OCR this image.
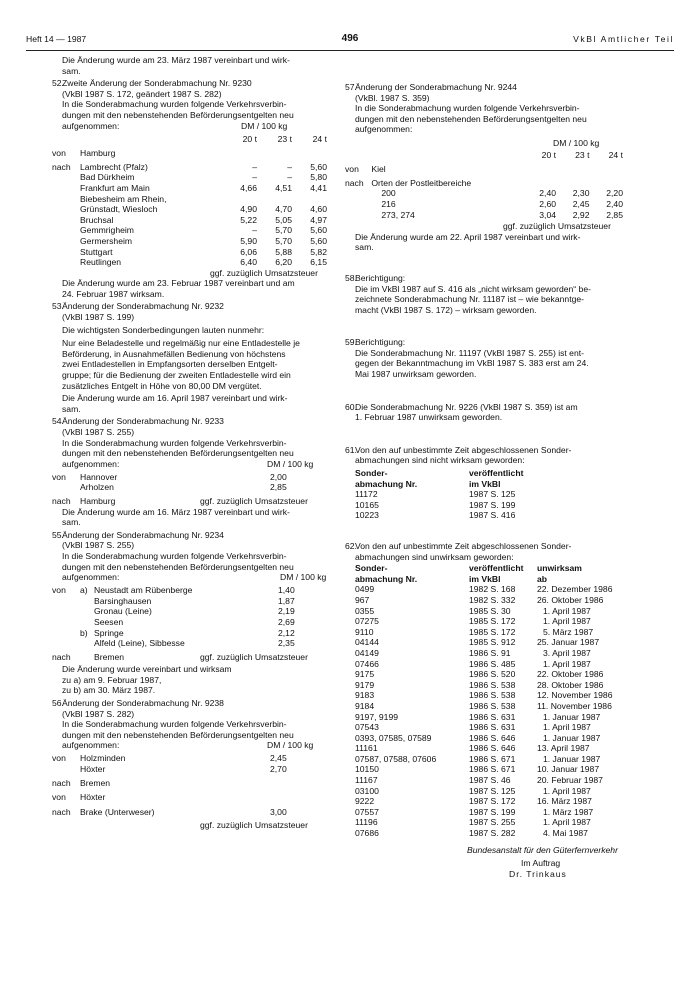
Heft 14 — 1987	496	VkBl Amtlicher Teil

Die Änderung wurde am 23. März 1987 vereinbart und wirk-

sam.

52.

Zweite Änderung der Sonderabmachung Nr. 9230

(VkBl 1987 S. 172, geändert 1987 S. 282)

In die Sonderabmachung wurden folgende Verkehrsverbin-

dungen mit den nebenstehenden Beförderungsentgelten neu

aufgenommen:	DM / 100 kg
		20 t	23 t	24 t

von	Hamburg			

nach	Lambrecht (Pfalz)	–	–	5,60
	Bad Dürkheim	–	–	5,80
	Frankfurt am Main	4,66	4,51	4,41
	Biebesheim am Rhein,			
	Grünstadt, Wiesloch	4,90	4,70	4,60
	Bruchsal	5,22	5,05	4,97
	Gemmrigheim	–	5,70	5,60
	Germersheim	5,90	5,70	5,60
	Stuttgart	6,06	5,88	5,82
	Reutlingen	6,40	6,20	6,15

ggf. zuzüglich Umsatzsteuer

Die Änderung wurde am 23. Februar 1987 vereinbart und am

24. Februar 1987 wirksam.

53.

Änderung der Sonderabmachung Nr. 9232

(VkBl 1987 S. 199)

Die wichtigsten Sonderbedingungen lauten nunmehr:

Nur eine Beladestelle und regelmäßig nur eine Entladestelle je

Beförderung, in Ausnahmefällen Bedienung von höchstens

zwei Entladestellen in Empfangsorten derselben Entgelt-

gruppe; für die Bedienung der zweiten Entladestelle wird ein

zusätzliches Entgelt in Höhe von 80,00 DM vergütet.

Die Änderung wurde am 16. April 1987 vereinbart und wirk-

sam.

54.

Änderung der Sonderabmachung Nr. 9233

(VkBl 1987 S. 255)

In die Sonderabmachung wurden folgende Verkehrsverbin-

dungen mit den nebenstehenden Beförderungsentgelten neu

aufgenommen:	DM / 100 kg
von	Hannover	2,00
	Arholzen	2,85

nach	Hamburg ggf. zuzüglich Umsatzsteuer	

Die Änderung wurde am 16. März 1987 vereinbart und wirk-

sam.

55.

Änderung der Sonderabmachung Nr. 9234

(VkBl 1987 S. 255)

In die Sonderabmachung wurden folgende Verkehrsverbin-

dungen mit den nebenstehenden Beförderungsentgelten neu

aufgenommen:	DM / 100 kg
von	a)	Neustadt am Rübenberge	1,40
		Barsinghausen	1,87
		Gronau (Leine)	2,19
		Seesen	2,69
	b)	Springe	2,12
		Alfeld (Leine), Sibbesse	2,35

nach		Bremen ggf. zuzüglich Umsatzsteuer	

Die Änderung wurde vereinbart und wirksam

zu a) am 9. Februar 1987,

zu b) am 30. März 1987.

56.

Änderung der Sonderabmachung Nr. 9238

(VkBl 1987 S. 282)

In die Sonderabmachung wurden folgende Verkehrsverbin-

dungen mit den nebenstehenden Beförderungsentgelten neu

aufgenommen:	DM / 100 kg
von	Holzminden	2,45
	Höxter	2,70

nach	Bremen	

von	Höxter	

nach	Brake (Unterweser)	3,00

ggf. zuzüglich Umsatzsteuer

57.

Änderung der Sonderabmachung Nr. 9244

(VkBl. 1987 S. 359)

In die Sonderabmachung wurden folgende Verkehrsverbin-

dungen mit den nebenstehenden Beförderungsentgelten neu

aufgenommen:

DM / 100 kg

		20 t	23 t	24 t

von	Kiel			

nach	Orten der Postleitbereiche			
	200	2,40	2,30	2,20
	216	2,60	2,45	2,40
	273, 274	3,04	2,92	2,85

ggf. zuzüglich Umsatzsteuer

Die Änderung wurde am 22. April 1987 vereinbart und wirk-

sam.

58.

Berichtigung:

Die im VkBl 1987 auf S. 416 als „nicht wirksam geworden“ be-

zeichnete Sonderabmachung Nr. 11187 ist – wie bekanntge-

macht (VkBl 1987 S. 172) – wirksam geworden.

59.

Berichtigung:

Die Sonderabmachung Nr. 11197 (VkBl 1987 S. 255) ist ent-

gegen der Bekanntmachung im VkBl 1987 S. 383 erst am 24.

Mai 1987 unwirksam geworden.

60.

Die Sonderabmachung Nr. 9226 (VkBl 1987 S. 359) ist am

1. Februar 1987 unwirksam geworden.

61.

Von den auf unbestimmte Zeit abgeschlossenen Sonder-

abmachungen sind nicht wirksam geworden:

Sonder-
abmachung Nr.	veröffentlicht
im VkBl
11172	1987 S. 125
10165	1987 S. 199
10223	1987 S. 416
62.

Von den auf unbestimmte Zeit abgeschlossenen Sonder-

abmachungen sind unwirksam geworden:

Sonder-
abmachung Nr.	veröffentlicht
im VkBl	unwirksam
ab
0499	1982 S. 168	22. Dezember 1986
967	1982 S. 332	26. Oktober 1986
0355	1985 S. 30	1. April 1987
07275	1985 S. 172	1. April 1987
9110	1985 S. 172	5. März 1987
04144	1985 S. 912	25. Januar 1987
04149	1986 S. 91	3. April 1987
07466	1986 S. 485	1. April 1987
9175	1986 S. 520	22. Oktober 1986
9179	1986 S. 538	28. Oktober 1986
9183	1986 S. 538	12. November 1986
9184	1986 S. 538	11. November 1986
9197, 9199	1986 S. 631	1. Januar 1987
07543	1986 S. 631	1. April 1987
0393, 07585, 07589	1986 S. 646	1. Januar 1987
11161	1986 S. 646	13. April 1987
07587, 07588, 07606	1986 S. 671	1. Januar 1987
10150	1986 S. 671	10. Januar 1987
11167	1987 S. 46	20. Februar 1987
03100	1987 S. 125	1. April 1987
9222	1987 S. 172	16. März 1987
07557	1987 S. 199	1. März 1987
11196	1987 S. 255	1. April 1987
07686	1987 S. 282	4. Mai 1987
Bundesanstalt für den Güterfernverkehr
Im Auftrag
Dr. Trinkaus
